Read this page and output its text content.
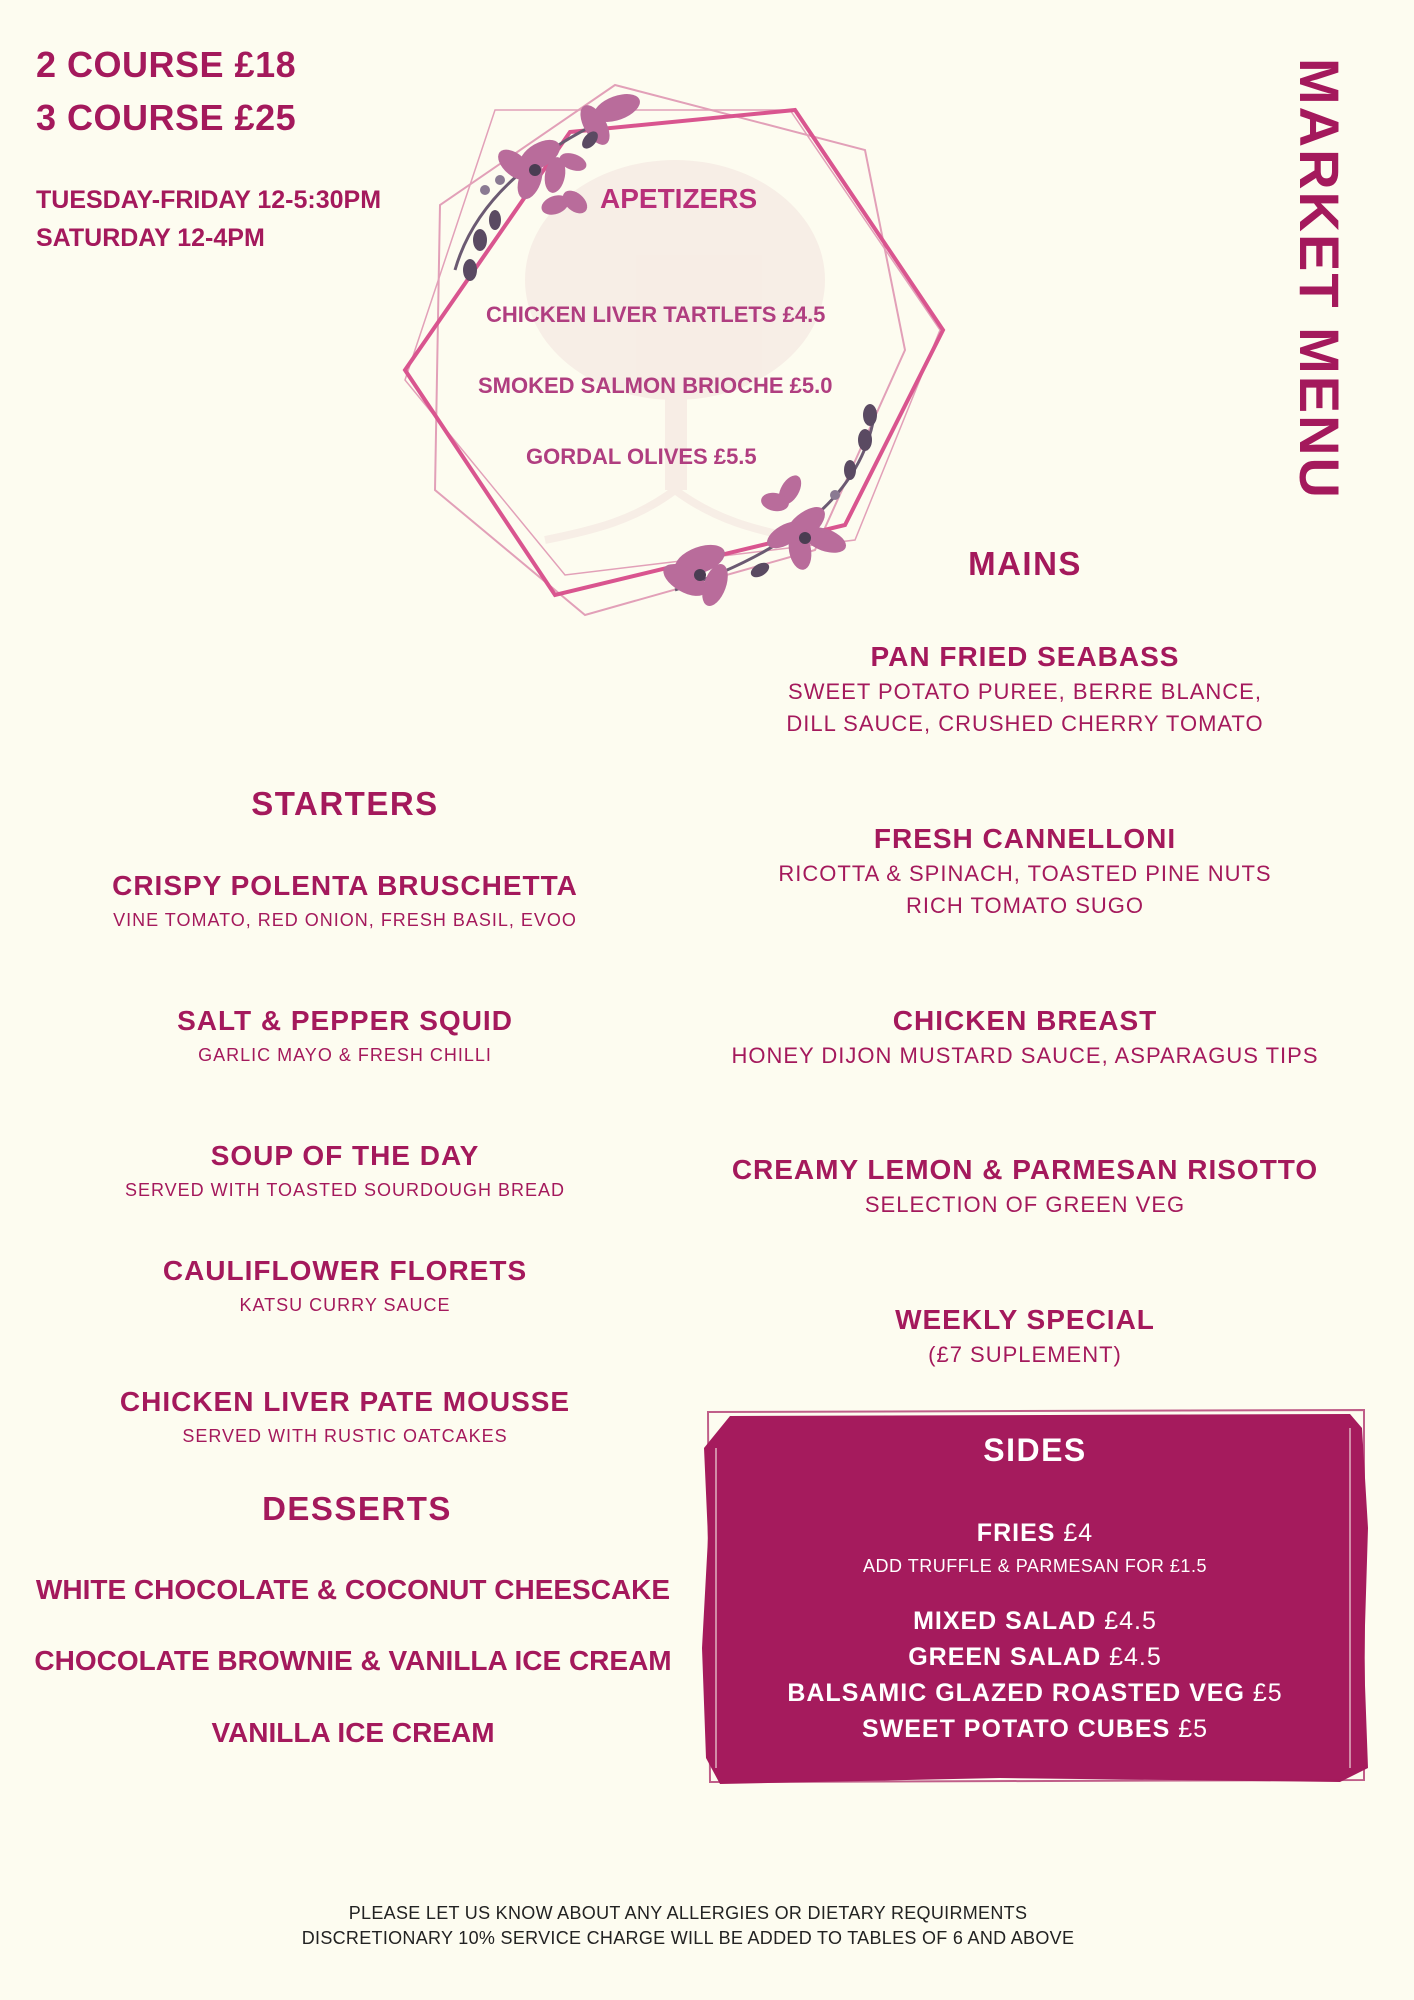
2 COURSE £18
3 COURSE £25
TUESDAY-FRIDAY 12-5:30PM
SATURDAY 12-4PM	MARKET MENU
APETIZERS
CHICKEN LIVER TARTLETS £4.5
SMOKED SALMON BRIOCHE £5.0
GORDAL OLIVES £5.5
MAINS
PAN FRIED SEABASS
SWEET POTATO PUREE, BERRE BLANCE,
DILL SAUCE, CRUSHED CHERRY TOMATO
FRESH CANNELLONI
RICOTTA & SPINACH, TOASTED PINE NUTS
RICH TOMATO SUGO
CHICKEN BREAST
HONEY DIJON MUSTARD SAUCE, ASPARAGUS TIPS
CREAMY LEMON & PARMESAN RISOTTO
SELECTION OF GREEN VEG
WEEKLY SPECIAL
(£7 SUPLEMENT)
STARTERS
CRISPY POLENTA BRUSCHETTA
VINE TOMATO, RED ONION, FRESH BASIL, EVOO
SALT & PEPPER SQUID
GARLIC MAYO & FRESH CHILLI
SOUP OF THE DAY
SERVED WITH TOASTED SOURDOUGH BREAD
CAULIFLOWER FLORETS
KATSU CURRY SAUCE
CHICKEN LIVER PATE MOUSSE
SERVED WITH RUSTIC OATCAKES
DESSERTS
WHITE CHOCOLATE & COCONUT CHEESCAKE
CHOCOLATE BROWNIE & VANILLA ICE CREAM
VANILLA ICE CREAM
SIDES
FRIES £4
ADD TRUFFLE & PARMESAN FOR £1.5
MIXED SALAD £4.5
GREEN SALAD £4.5
BALSAMIC GLAZED ROASTED VEG £5
SWEET POTATO CUBES £5
PLEASE LET US KNOW ABOUT ANY ALLERGIES OR DIETARY REQUIRMENTS
DISCRETIONARY 10% SERVICE CHARGE WILL BE ADDED TO TABLES OF 6 AND ABOVE
